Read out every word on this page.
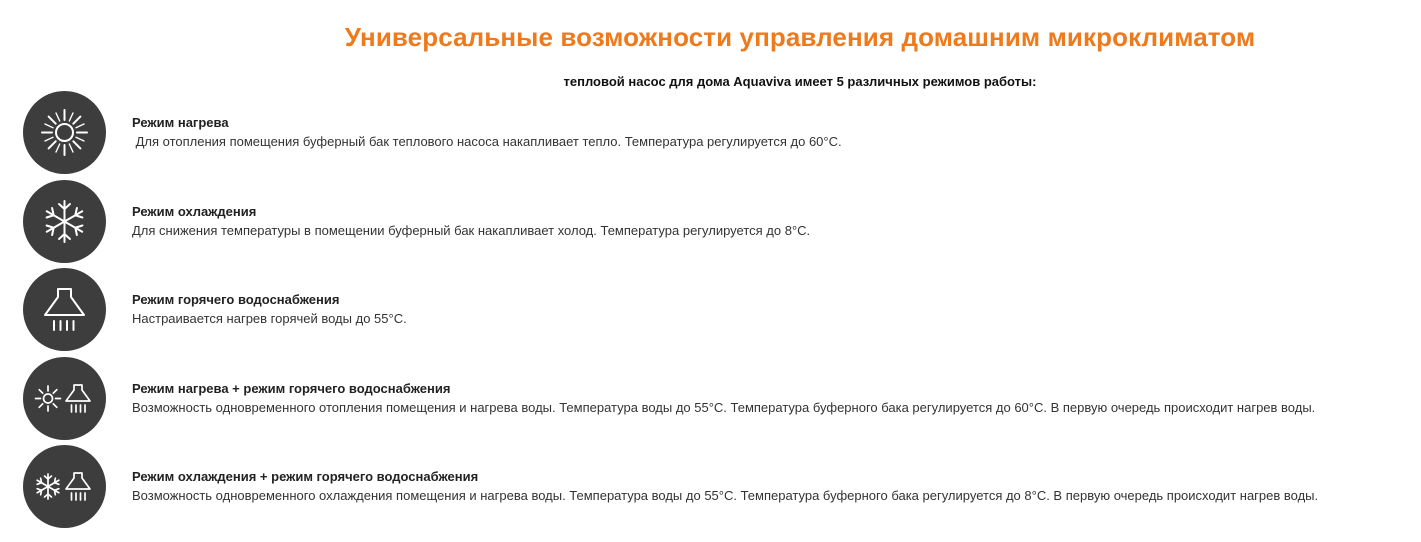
Универсальные возможности управления домашним микроклиматом
тепловой насос для дома Aquaviva имеет 5 различных режимов работы:
Режим нагрева
Для отопления помещения буферный бак теплового насоса накапливает тепло. Температура регулируется до 60°С.
Режим охлаждения
Для снижения температуры в помещении буферный бак накапливает холод. Температура регулируется до 8°С.
Режим горячего водоснабжения
Настраивается нагрев горячей воды до 55°С.
Режим нагрева + режим горячего водоснабжения
Возможность одновременного отопления помещения и нагрева воды. Температура воды до 55°С. Температура буферного бака регулируется до 60°С. В первую очередь происходит нагрев воды.
Режим охлаждения + режим горячего водоснабжения
Возможность одновременного охлаждения помещения и нагрева воды. Температура воды до 55°С. Температура буферного бака регулируется до 8°С. В первую очередь происходит нагрев воды.
